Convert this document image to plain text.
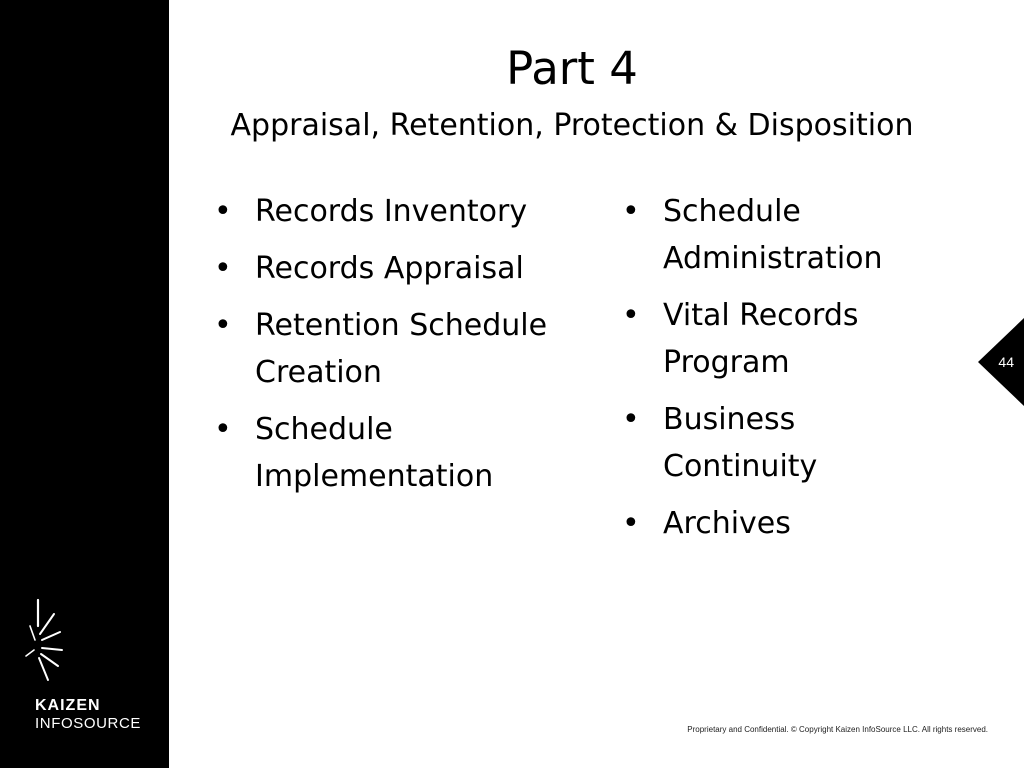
KAIZEN
INFOSOURCE
Part 4
Appraisal, Retention, Protection & Disposition
• Records Inventory
• Records Appraisal
• Retention Schedule Creation
• Schedule Implementation
• Schedule Administration
• Vital Records Program
• Business Continuity
• Archives
44
Proprietary and Confidential. © Copyright Kaizen InfoSource LLC. All rights reserved.
